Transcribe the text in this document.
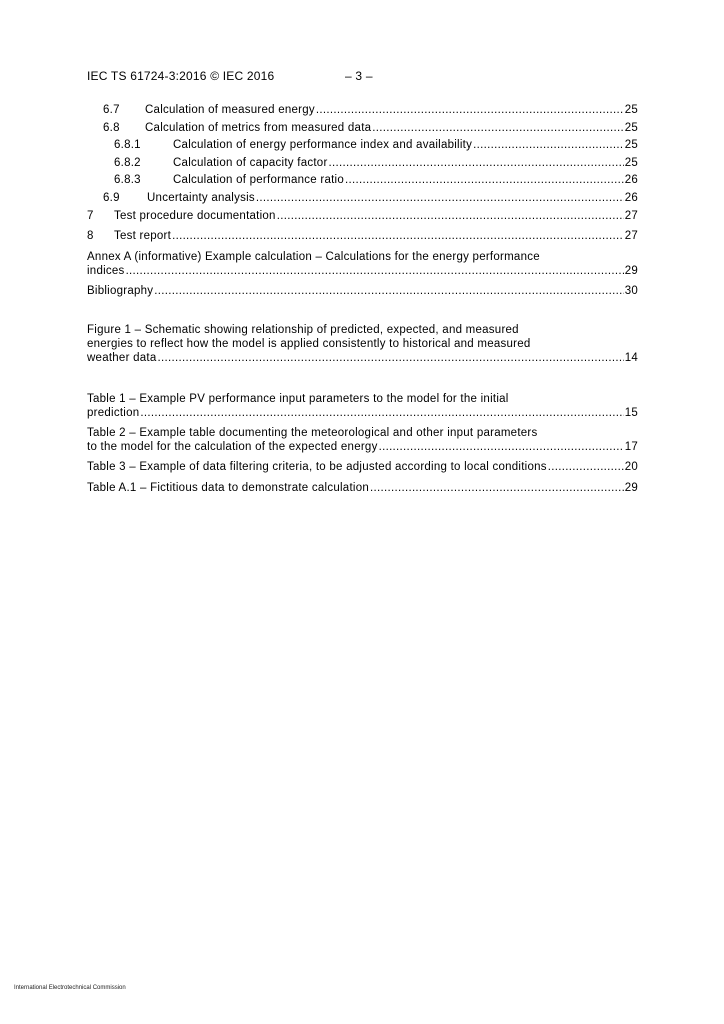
IEC TS 61724-3:2016 © IEC 2016	– 3 –
6.7 Calculation of measured energy .....	25
6.8 Calculation of metrics from measured data .....	25
6.8.1	Calculation of energy performance index and availability .....	25
6.8.2	Calculation of capacity factor .....	25
6.8.3	Calculation of performance ratio .....	26
6.9 Uncertainty analysis .....	26
7 Test procedure documentation .....	27
8 Test report .....	27
Annex A (informative) Example calculation – Calculations for the energy performance
indices .....	29
Bibliography .....	30
Figure 1 – Schematic showing relationship of predicted, expected, and measured
energies to reflect how the model is applied consistently to historical and measured
weather data .....	14
Table 1 – Example PV performance input parameters to the model for the initial
prediction .....	15
Table 2 – Example table documenting the meteorological and other input parameters
to the model for the calculation of the expected energy .....	17
Table 3 – Example of data filtering criteria, to be adjusted according to local conditions .....	20
Table A.1 – Fictitious data to demonstrate calculation .....	29
International Electrotechnical Commission
